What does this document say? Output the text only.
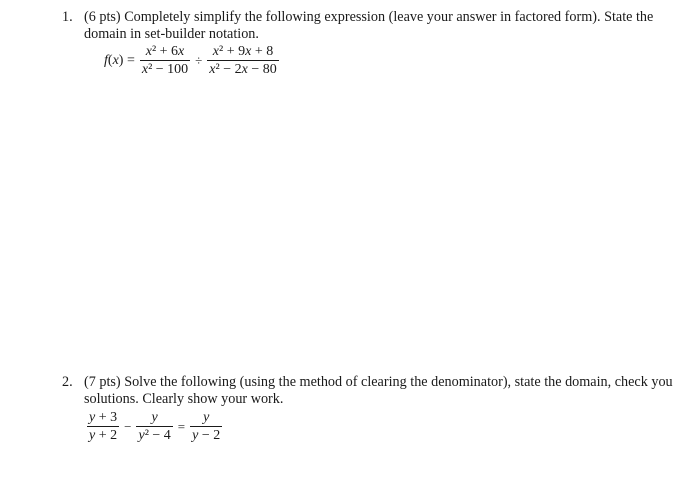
1. (6 pts) Completely simplify the following expression (leave your answer in factored form). State the
domain in set-builder notation.
$f(x) = \frac{\text{x² + 6x}}{\text{x² − 100}} \div \frac{\text{x² + 9x + 8}}{\text{x² − 2x − 80}}$
2. (7 pts) Solve the following (using the method of clearing the denominator), state the domain, check you
solutions. Clearly show your work.
$\frac{y + 3}{y + 2} - \frac{y}{\text{y² − 4}} = \frac{y}{y - 2}$
